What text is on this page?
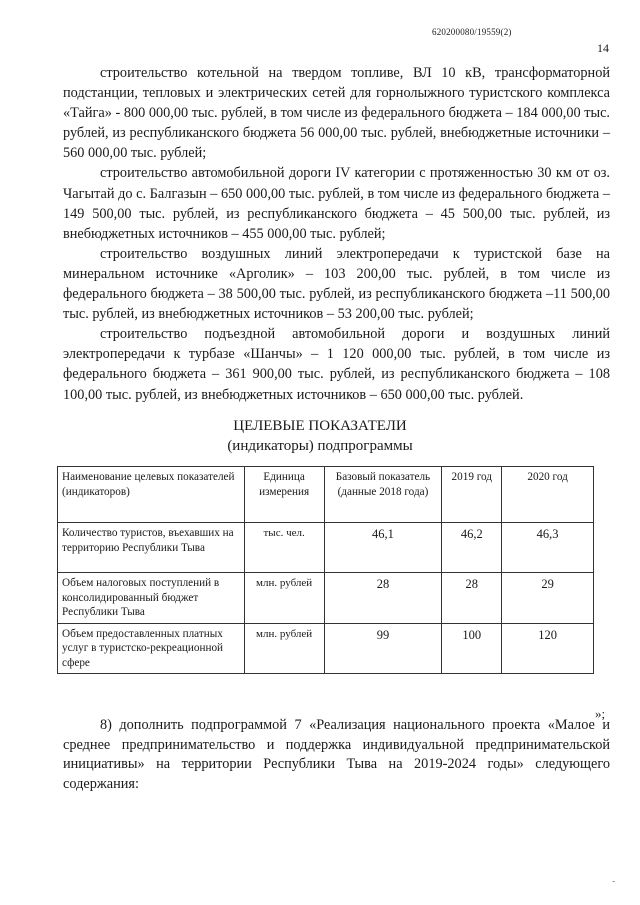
620200080/19559(2)
14

строительство котельной на твердом топливе, ВЛ 10 кВ, трансформаторной подстанции, тепловых и электрических сетей для горнолыжного туристского комплекса «Тайга» - 800 000,00 тыс. рублей, в том числе из федерального бюджета – 184 000,00 тыс. рублей, из республиканского бюджета 56 000,00 тыс. рублей, внебюджетные источники – 560 000,00 тыс. рублей;

строительство автомобильной дороги IV категории с протяженностью 30 км от оз. Чагытай до с. Балгазын – 650 000,00 тыс. рублей, в том числе из федерального бюджета – 149 500,00 тыс. рублей, из республиканского бюджета – 45 500,00 тыс. рублей, из внебюджетных источников – 455 000,00 тыс. рублей;

строительство воздушных линий электропередачи к туристской базе на минеральном источнике «Арголик» – 103 200,00 тыс. рублей, в том числе из федерального бюджета – 38 500,00 тыс. рублей, из республиканского бюджета –11 500,00 тыс. рублей, из внебюджетных источников – 53 200,00 тыс. рублей;

строительство подъездной автомобильной дороги и воздушных линий электропередачи к турбазе «Шанчы» – 1 120 000,00 тыс. рублей, в том числе из федерального бюджета – 361 900,00 тыс. рублей, из республиканского бюджета – 108 100,00 тыс. рублей, из внебюджетных источников – 650 000,00 тыс. рублей.

ЦЕЛЕВЫЕ ПОКАЗАТЕЛИ
(индикаторы) подпрограммы
Наименование целевых показателей (индикаторов)	Единица измерения	Базовый показатель (данные 2018 года)	2019 год	2020 год
Количество туристов, въехавших на территорию Республики Тыва	тыс. чел.	46,1	46,2	46,3
Объем налоговых поступлений в консолидированный бюджет Республики Тыва	млн. рублей	28	28	29
Объем предоставленных платных услуг в туристско-рекреационной сфере	млн. рублей	99	100	120
»;

8) дополнить подпрограммой 7 «Реализация национального проекта «Малое и среднее предпринимательство и поддержка индивидуальной предпринимательской инициативы» на территории Республики Тыва на 2019-2024 годы» следующего содержания:

-
